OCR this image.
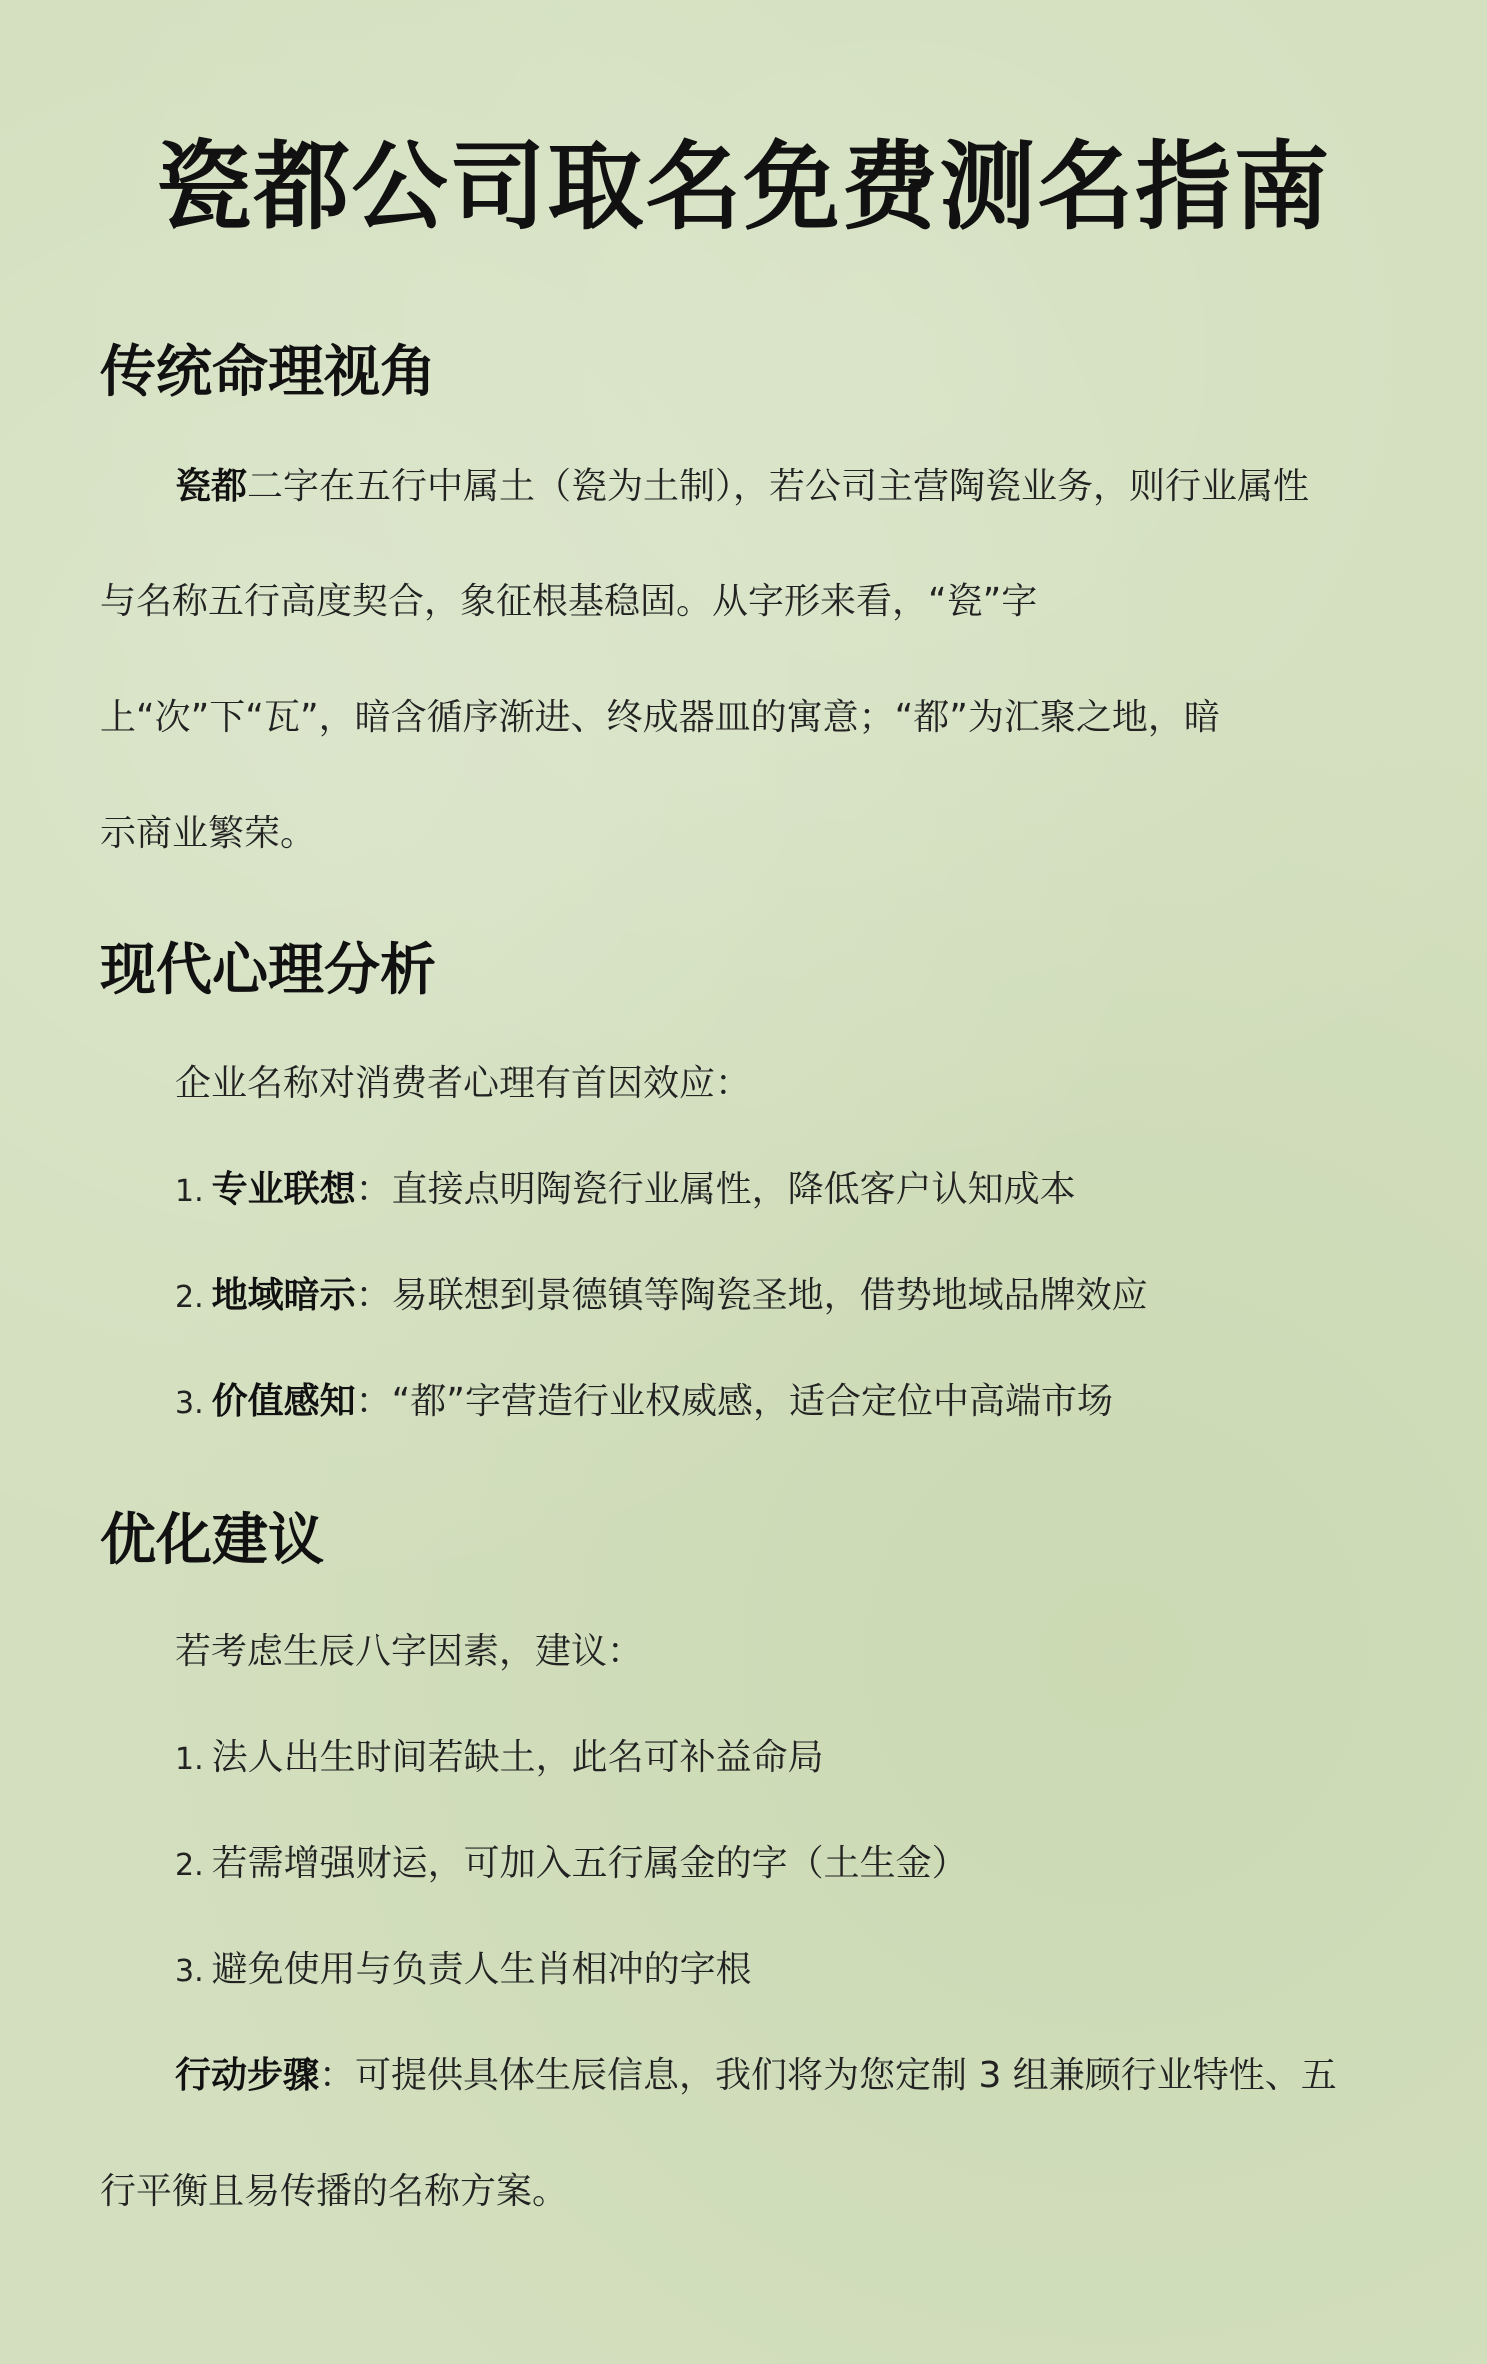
瓷都公司取名免费测名指南
传统命理视角
瓷都二字在五行中属土（瓷为土制），若公司主营陶瓷业务，则行业属性
与名称五行高度契合，象征根基稳固。从字形来看，“瓷”字
上“次”下“瓦”，暗含循序渐进、终成器皿的寓意；“都”为汇聚之地，暗
示商业繁荣。
现代心理分析
企业名称对消费者心理有首因效应：
1. 专业联想：直接点明陶瓷行业属性，降低客户认知成本
2. 地域暗示：易联想到景德镇等陶瓷圣地，借势地域品牌效应
3. 价值感知：“都”字营造行业权威感，适合定位中高端市场
优化建议
若考虑生辰八字因素，建议：
1. 法人出生时间若缺土，此名可补益命局
2. 若需增强财运，可加入五行属金的字（土生金）
3. 避免使用与负责人生肖相冲的字根
行动步骤：可提供具体生辰信息，我们将为您定制 3 组兼顾行业特性、五
行平衡且易传播的名称方案。
